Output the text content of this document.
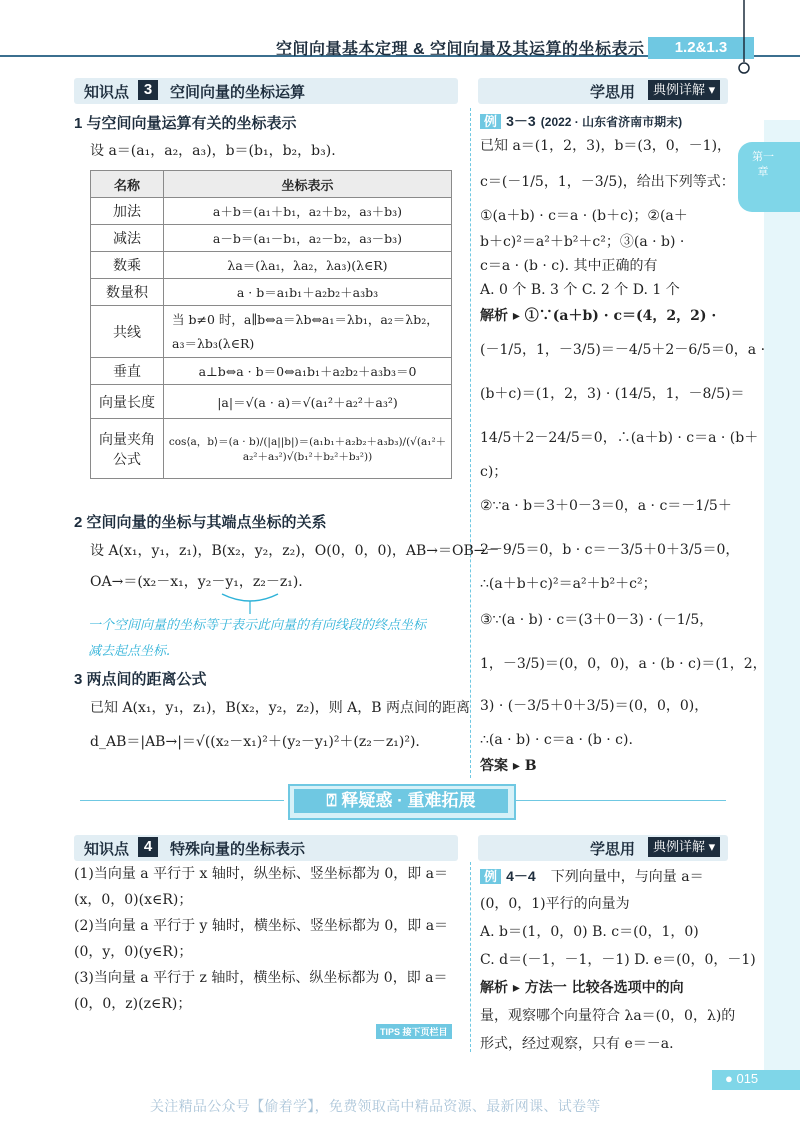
空间向量基本定理 & 空间向量及其运算的坐标表示	1.2&1.3
第一章
知识点 3	空间向量的坐标运算	学思用	典例详解 ▾
1 与空间向量运算有关的坐标表示
设 a＝(a₁，a₂，a₃)，b＝(b₁，b₂，b₃).
名称	坐标表示
加法	a＋b＝(a₁＋b₁，a₂＋b₂，a₃＋b₃)
减法	a－b＝(a₁－b₁，a₂－b₂，a₃－b₃)
数乘	λa＝(λa₁，λa₂，λa₃)(λ∈R)
数量积	a · b＝a₁b₁＋a₂b₂＋a₃b₃
共线	当 b≠0 时，a∥b⇔a＝λb⇔a₁＝λb₁，a₂＝λb₂，
a₃＝λb₃(λ∈R)

垂直	a⊥b⇔a · b＝0⇔a₁b₁＋a₂b₂＋a₃b₃＝0
向量长度	|a|＝√(a · a)＝√(a₁²＋a₂²＋a₃²)

向量夹角
公式	cos⟨a，b⟩＝(a · b)/(|a||b|)＝(a₁b₁＋a₂b₂＋a₃b₃)/(√(a₁²＋a₂²＋a₃²)√(b₁²＋b₂²＋b₃²))
2 空间向量的坐标与其端点坐标的关系
设 A(x₁，y₁，z₁)，B(x₂，y₂，z₂)，O(0，0，0)，AB→＝OB→－
OA→＝(x₂－x₁，y₂－y₁，z₂－z₁).
一个空间向量的坐标等于表示此向量的有向线段的终点坐标
减去起点坐标.
3 两点间的距离公式
已知 A(x₁，y₁，z₁)，B(x₂，y₂，z₂)，则 A，B 两点间的距离
d_AB＝|AB→|＝√((x₂－x₁)²＋(y₂－y₁)²＋(z₂－z₁)²).
例 3－3 (2022 · 山东省济南市期末)
已知 a＝(1，2，3)，b＝(3，0，－1)，
c＝(－1/5，1，－3/5)，给出下列等式：
①(a＋b) · c＝a · (b＋c)；②(a＋
b＋c)²＝a²＋b²＋c²；③(a · b) ·
c＝a · (b · c). 其中正确的有
A. 0 个 B. 3 个 C. 2 个 D. 1 个
解析 ▸ ①∵(a＋b) · c＝(4，2，2) ·
(－1/5，1，－3/5)＝－4/5＋2－6/5＝0，a ·
(b＋c)＝(1，2，3) · (14/5，1，－8/5)＝
14/5＋2－24/5＝0，∴(a＋b) · c＝a · (b＋
c)；
②∵a · b＝3＋0－3＝0，a · c＝－1/5＋
2－9/5＝0，b · c＝－3/5＋0＋3/5＝0，
∴(a＋b＋c)²＝a²＋b²＋c²；
③∵(a · b) · c＝(3＋0－3) · (－1/5，
1，－3/5)＝(0，0，0)，a · (b · c)＝(1，2，
3) · (－3/5＋0＋3/5)＝(0，0，0)，
∴(a · b) · c＝a · (b · c).
答案 ▸ B
⍰ 释疑惑 · 重难拓展
知识点 4	特殊向量的坐标表示	学思用	典例详解 ▾
(1)当向量 a 平行于 x 轴时，纵坐标、竖坐标都为 0，即 a＝
(x，0，0)(x∈R)；
(2)当向量 a 平行于 y 轴时，横坐标、竖坐标都为 0，即 a＝
(0，y，0)(y∈R)；
(3)当向量 a 平行于 z 轴时，横坐标、纵坐标都为 0，即 a＝
(0，0，z)(z∈R)；
TIPS 接下页栏目
例 4－4 下列向量中，与向量 a＝
(0，0，1)平行的向量为
A. b＝(1，0，0) B. c＝(0，1，0)
C. d＝(－1，－1，－1) D. e＝(0，0，－1)
解析 ▸ 方法一 比较各选项中的向
量，观察哪个向量符合 λa＝(0，0，λ)的
形式，经过观察，只有 e＝－a.
● 015
关注精品公众号【偷着学】，免费领取高中精品资源、最新网课、试卷等
